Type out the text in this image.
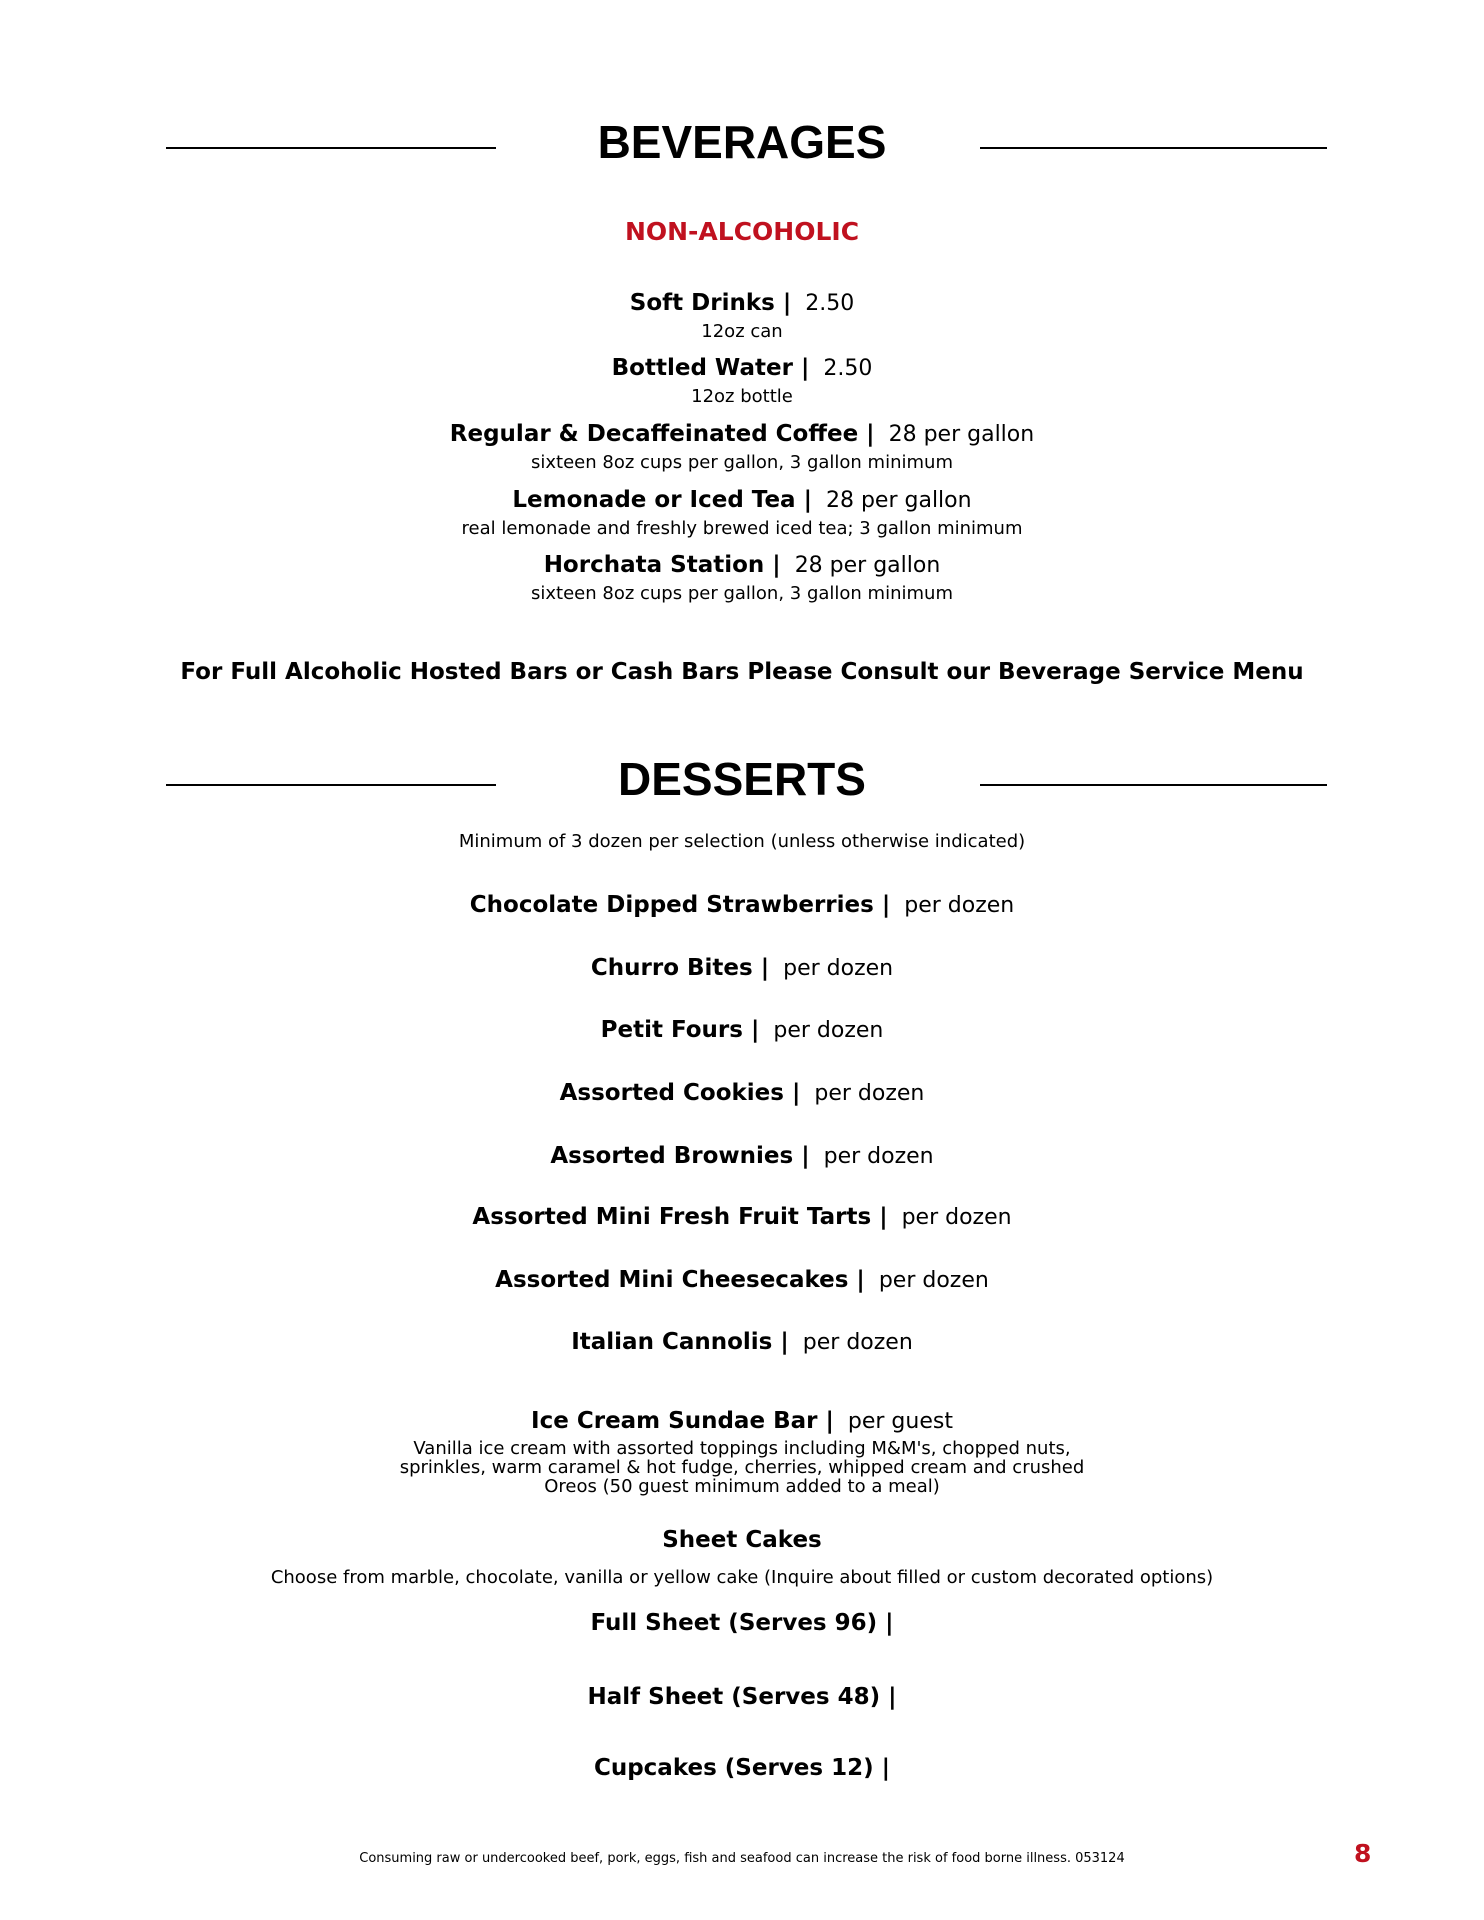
BEVERAGES
NON-ALCOHOLIC
Soft Drinks | 2.50
12oz can
Bottled Water | 2.50
12oz bottle
Regular & Decaffeinated Coffee | 28 per gallon
sixteen 8oz cups per gallon, 3 gallon minimum
Lemonade or Iced Tea | 28 per gallon
real lemonade and freshly brewed iced tea; 3 gallon minimum
Horchata Station | 28 per gallon
sixteen 8oz cups per gallon, 3 gallon minimum
For Full Alcoholic Hosted Bars or Cash Bars Please Consult our Beverage Service Menu
DESSERTS
Minimum of 3 dozen per selection (unless otherwise indicated)
Chocolate Dipped Strawberries | per dozen
Churro Bites | per dozen
Petit Fours | per dozen
Assorted Cookies | per dozen
Assorted Brownies | per dozen
Assorted Mini Fresh Fruit Tarts | per dozen
Assorted Mini Cheesecakes | per dozen
Italian Cannolis | per dozen
Ice Cream Sundae Bar | per guest
Vanilla ice cream with assorted toppings including M&M's, chopped nuts, sprinkles, warm caramel & hot fudge, cherries, whipped cream and crushed Oreos (50 guest minimum added to a meal)
Sheet Cakes
Choose from marble, chocolate, vanilla or yellow cake (Inquire about filled or custom decorated options)
Full Sheet (Serves 96) |
Half Sheet (Serves 48) |
Cupcakes (Serves 12) |
Consuming raw or undercooked beef, pork, eggs, fish and seafood can increase the risk of food borne illness. 053124	8
